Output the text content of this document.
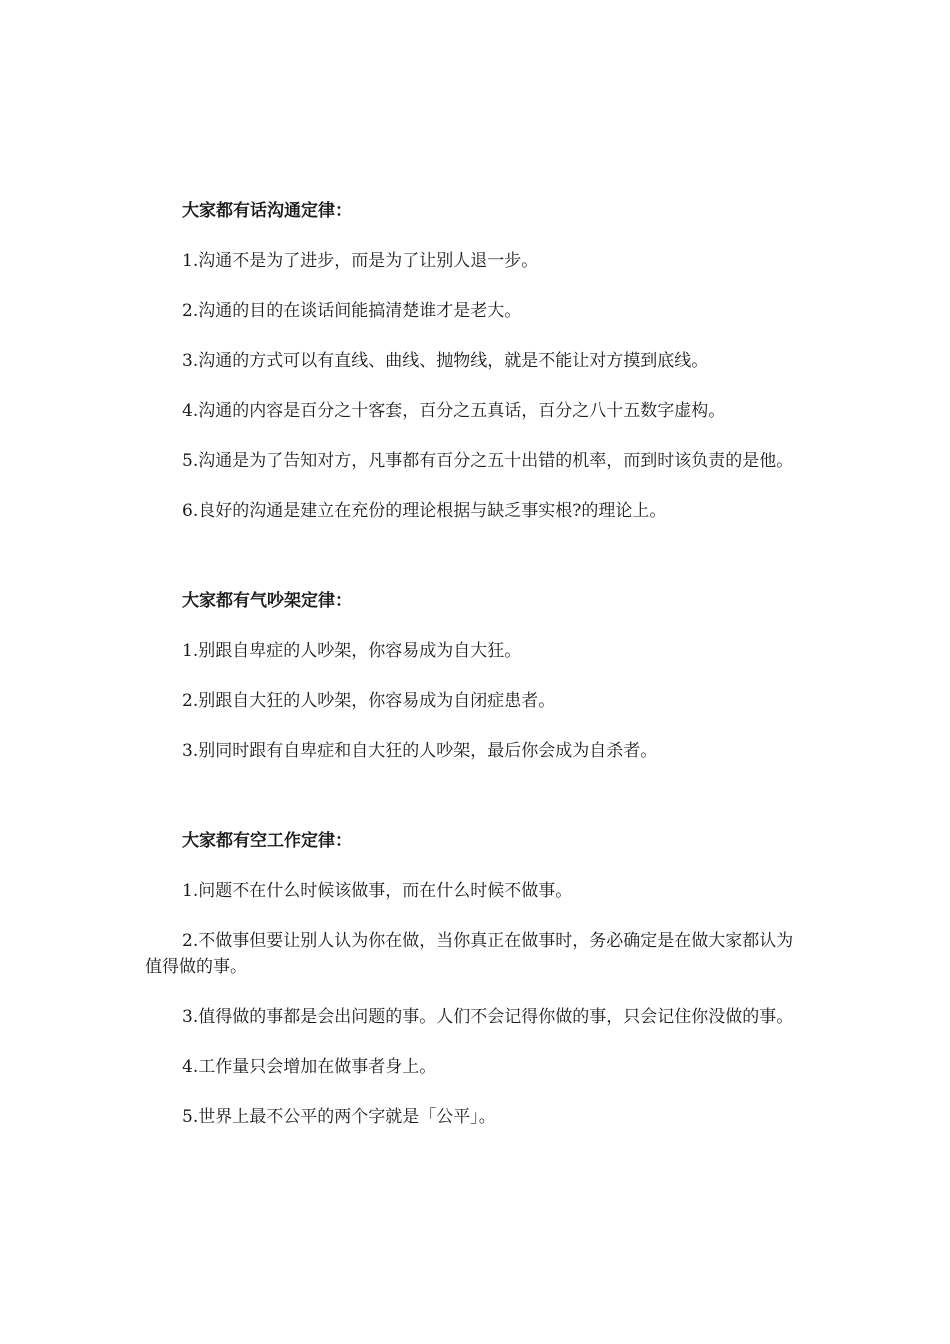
大家都有话沟通定律：

1.沟通不是为了进步，而是为了让别人退一步。

2.沟通的目的在谈话间能搞清楚谁才是老大。

3.沟通的方式可以有直线、曲线、抛物线，就是不能让对方摸到底线。

4.沟通的内容是百分之十客套，百分之五真话，百分之八十五数字虚构。

5.沟通是为了告知对方，凡事都有百分之五十出错的机率，而到时该负责的是他。

6.良好的沟通是建立在充份的理论根据与缺乏事实根?的理论上。

大家都有气吵架定律：

1.别跟自卑症的人吵架，你容易成为自大狂。

2.别跟自大狂的人吵架，你容易成为自闭症患者。

3.别同时跟有自卑症和自大狂的人吵架，最后你会成为自杀者。

大家都有空工作定律：

1.问题不在什么时候该做事，而在什么时候不做事。

2.不做事但要让别人认为你在做，当你真正在做事时，务必确定是在做大家都认为值得做的事。

3.值得做的事都是会出问题的事。人们不会记得你做的事，只会记住你没做的事。

4.工作量只会增加在做事者身上。

5.世界上最不公平的两个字就是「公平」。
